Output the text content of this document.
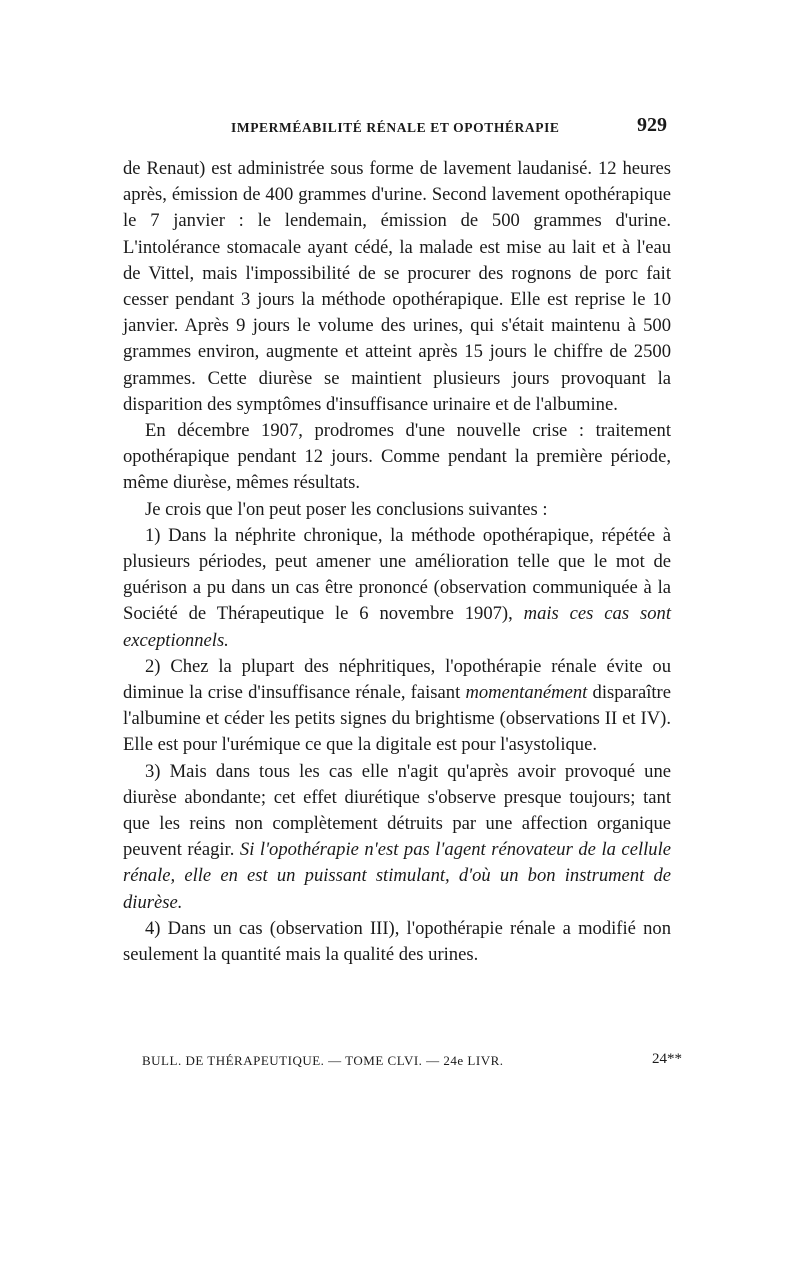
IMPERMÉABILITÉ RÉNALE ET OPOTHÉRAPIE	929

de Renaut) est administrée sous forme de lavement laudanisé. 12 heures après, émission de 400 grammes d'urine. Second lavement opothérapique le 7 janvier : le lendemain, émission de 500 grammes d'urine. L'intolérance stomacale ayant cédé, la malade est mise au lait et à l'eau de Vittel, mais l'impossibilité de se procurer des rognons de porc fait cesser pendant 3 jours la méthode opothérapique. Elle est reprise le 10 janvier. Après 9 jours le volume des urines, qui s'était maintenu à 500 grammes environ, augmente et atteint après 15 jours le chiffre de 2500 grammes. Cette diurèse se maintient plusieurs jours provoquant la disparition des symptômes d'insuffisance urinaire et de l'albumine.

En décembre 1907, prodromes d'une nouvelle crise : traitement opothérapique pendant 12 jours. Comme pendant la première période, même diurèse, mêmes résultats.

Je crois que l'on peut poser les conclusions suivantes :

1) Dans la néphrite chronique, la méthode opothérapique, répétée à plusieurs périodes, peut amener une amélioration telle que le mot de guérison a pu dans un cas être prononcé (observation communiquée à la Société de Thérapeutique le 6 novembre 1907), mais ces cas sont exceptionnels.

2) Chez la plupart des néphritiques, l'opothérapie rénale évite ou diminue la crise d'insuffisance rénale, faisant momentanément disparaître l'albumine et céder les petits signes du brightisme (observations II et IV). Elle est pour l'urémique ce que la digitale est pour l'asystolique.

3) Mais dans tous les cas elle n'agit qu'après avoir provoqué une diurèse abondante; cet effet diurétique s'observe presque toujours; tant que les reins non complètement détruits par une affection organique peuvent réagir. Si l'opothérapie n'est pas l'agent rénovateur de la cellule rénale, elle en est un puissant stimulant, d'où un bon instrument de diurèse.

4) Dans un cas (observation III), l'opothérapie rénale a modifié non seulement la quantité mais la qualité des urines.

BULL. DE THÉRAPEUTIQUE. — TOME CLVI. — 24e LIVR.	24**
